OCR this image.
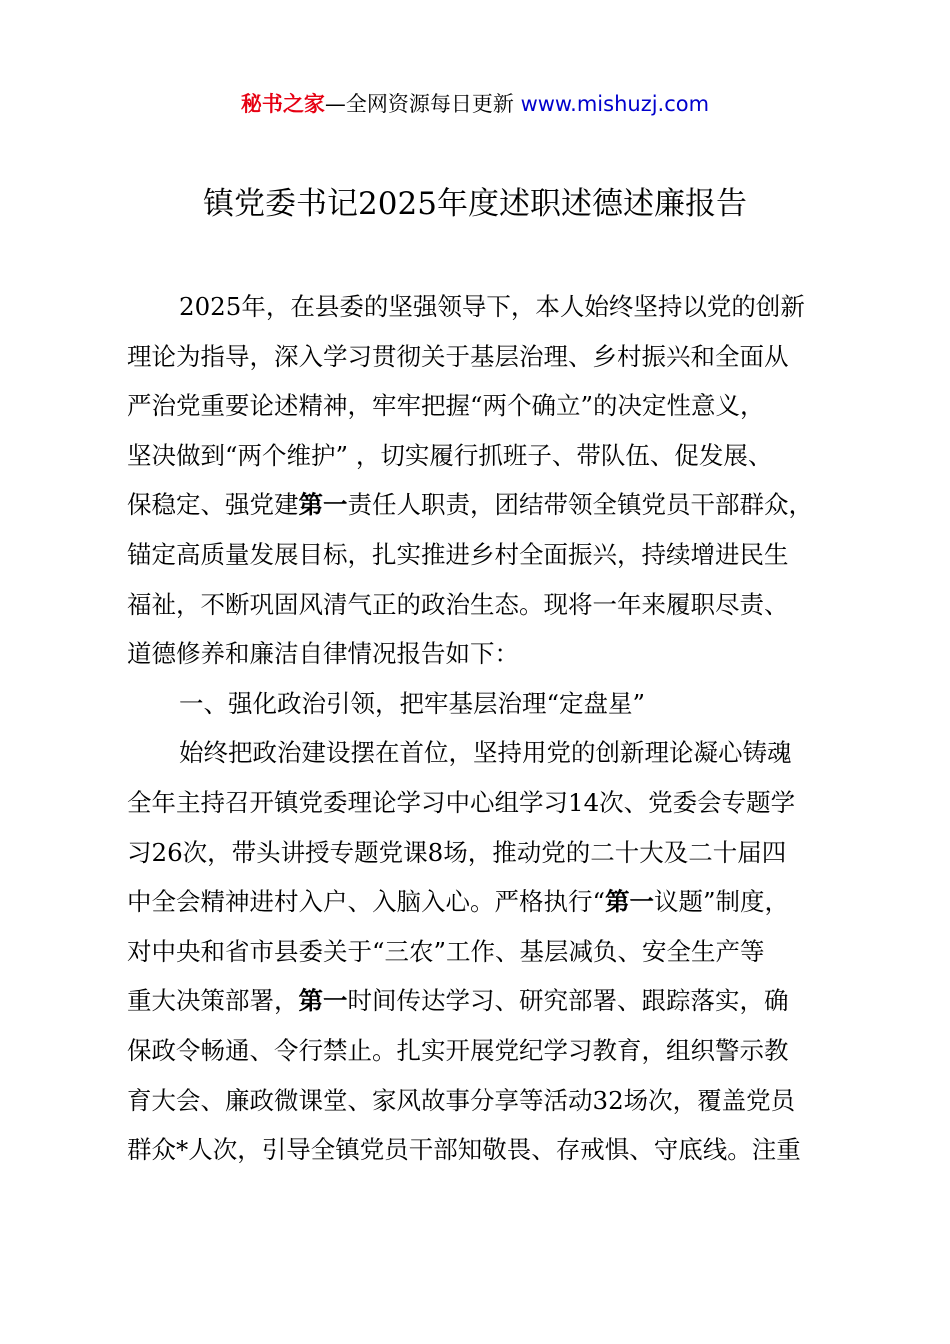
秘书之家—全网资源每日更新 www.mishuzj.com
镇党委书记2025年度述职述德述廉报告
2025年，在县委的坚强领导下，本人始终坚持以党的创新
理论为指导，深入学习贯彻关于基层治理、乡村振兴和全面从
严治党重要论述精神，牢牢把握“两个确立”的决定性意义，
坚决做到“两个维护” ，切实履行抓班子、带队伍、促发展、
保稳定、强党建第一责任人职责，团结带领全镇党员干部群众，
锚定高质量发展目标，扎实推进乡村全面振兴，持续增进民生
福祉，不断巩固风清气正的政治生态。现将一年来履职尽责、
道德修养和廉洁自律情况报告如下：
一、强化政治引领，把牢基层治理“定盘星”
始终把政治建设摆在首位，坚持用党的创新理论凝心铸魂
全年主持召开镇党委理论学习中心组学习14次、党委会专题学
习26次，带头讲授专题党课8场，推动党的二十大及二十届四
中全会精神进村入户、入脑入心。严格执行“第一议题”制度，
对中央和省市县委关于“三农”工作、基层减负、安全生产等
重大决策部署，第一时间传达学习、研究部署、跟踪落实，确
保政令畅通、令行禁止。扎实开展党纪学习教育，组织警示教
育大会、廉政微课堂、家风故事分享等活动32场次，覆盖党员
群众*人次，引导全镇党员干部知敬畏、存戒惧、守底线。注重
